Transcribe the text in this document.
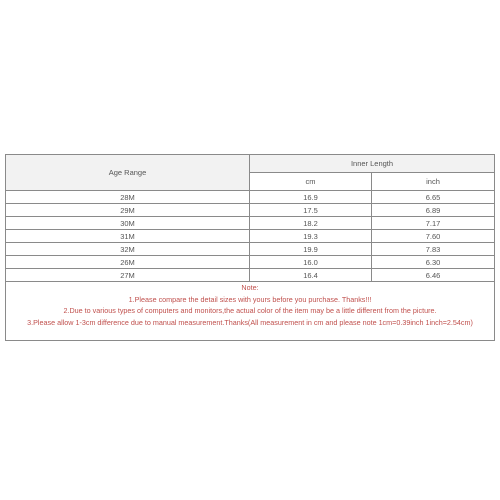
Age Range	Inner Length	
	cm	inch
28M	16.9	6.65
29M	17.5	6.89
30M	18.2	7.17
31M	19.3	7.60
32M	19.9	7.83
26M	16.0	6.30
27M	16.4	6.46

Note:
1.Please compare the detail sizes with yours before you purchase. Thanks!!!
2.Due to various types of computers and monitors,the actual color of the item may be a little different from the picture.
3.Please allow 1-3cm difference due to manual measurement.Thanks(All measurement in cm and please note 1cm=0.39inch 1inch=2.54cm)		
